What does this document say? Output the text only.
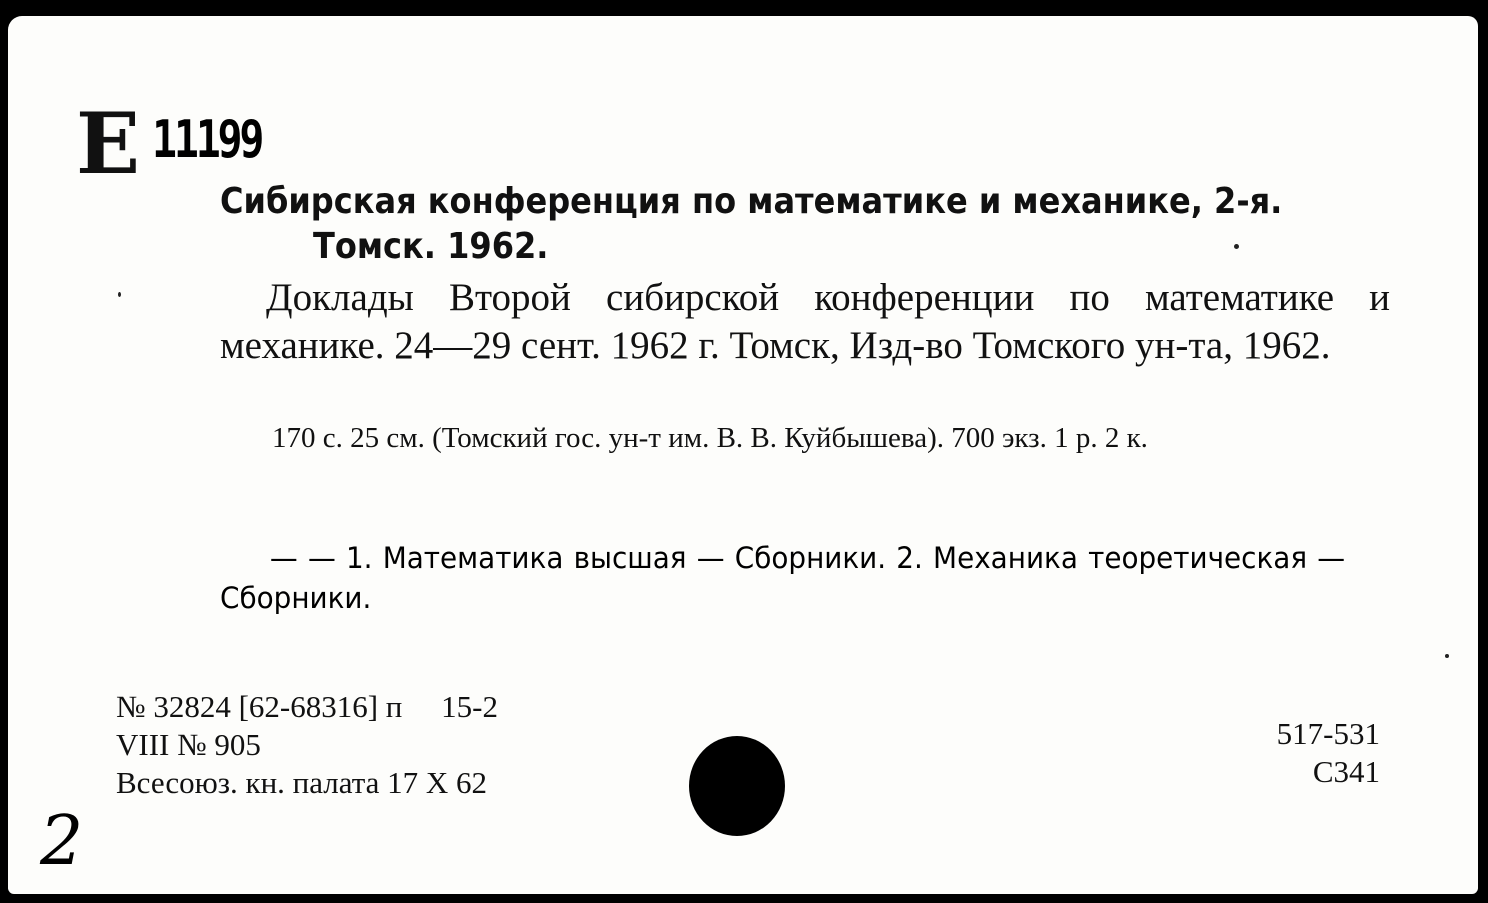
Е 11199
Сибирская конференция по математике и механике, 2-я.
Томск. 1962.
Доклады Второй сибирской конференции по математике и механике. 24—29 сент. 1962 г. Томск, Изд-во Томского ун-та, 1962.
170 с. 25 см. (Томский гос. ун-т им. В. В. Куйбышева). 700 экз. 1 р. 2 к.
— — 1. Математика высшая — Сборники. 2. Механика теоретическая — Сборники.
№ 32824 [62-68316] п     15-2
VIII № 905
Всесоюз. кн. палата 17 X 62
517-531
С341
2
